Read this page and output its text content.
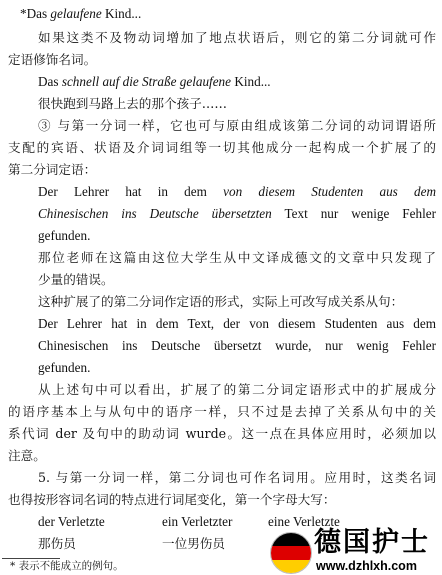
*Das gelaufene Kind...
如果这类不及物动词增加了地点状语后，则它的第二分词就可作
定语修饰名词。
Das schnell auf die Straße gelaufene Kind...
很快跑到马路上去的那个孩子……
③ 与第一分词一样，它也可与原由组成该第二分词的动词谓语所
支配的宾语、状语及介词词组等一切其他成分一起构成一个扩展了的
第二分词定语：
Der Lehrer hat in dem von diesem Studenten aus dem
Chinesischen ins Deutsche übersetzten Text nur wenige Fehler
gefunden.
那位老师在这篇由这位大学生从中文译成德文的文章中只发现了
少量的错误。
这种扩展了的第二分词作定语的形式，实际上可改写成关系从句：
Der Lehrer hat in dem Text, der von diesem Studenten aus dem
Chinesischen ins Deutsche übersetzt wurde, nur wenig Fehler
gefunden.
从上述句中可以看出，扩展了的第二分词定语形式中的扩展成分
的语序基本上与从句中的语序一样，只不过是去掉了关系从句中的关
系代词 der 及句中的助动词 wurde。这一点在具体应用时，必须加以
注意。
5. 与第一分词一样，第二分词也可作名词用。应用时，这类名词
也得按形容词名词的特点进行词尾变化，第一个字母大写：
der Verletzte	ein Verletzter	eine Verletzte
那伤员	一位男伤员
* 表示不能成立的例句。
德国护士
www.dzhlxh.com
